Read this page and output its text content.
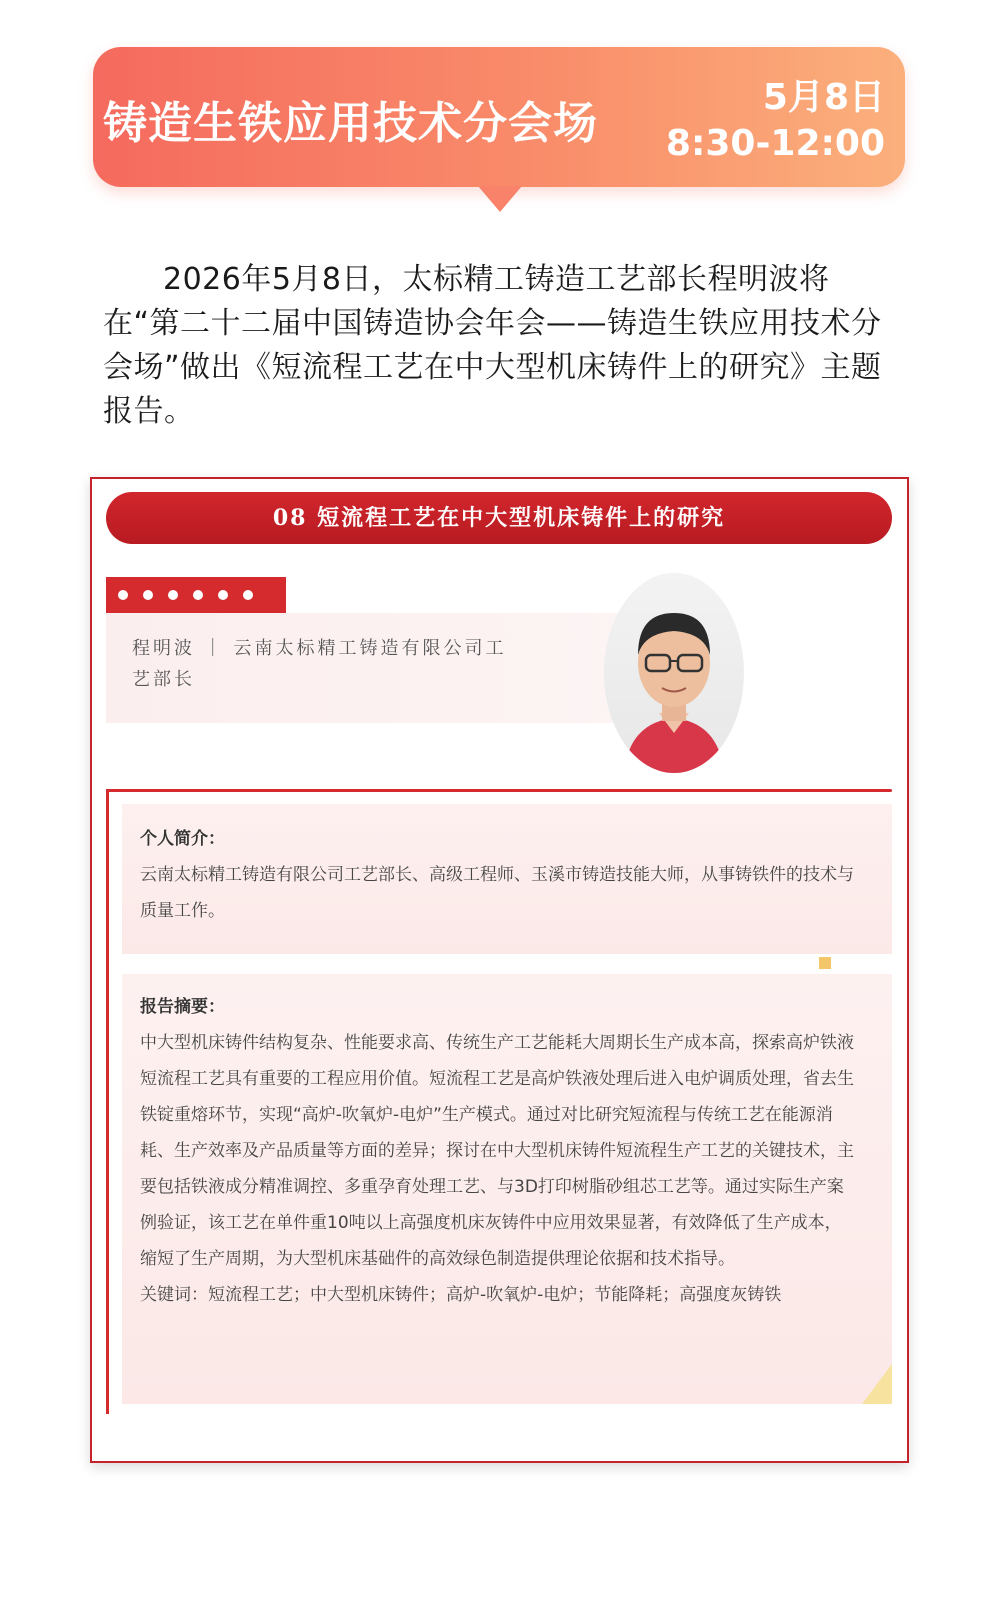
铸造生铁应用技术分会场
5月8日
8:30-12:00

2026年5月8日，太标精工铸造工艺部长程明波将在“第二十二届中国铸造协会年会——铸造生铁应用技术分会场”做出《短流程工艺在中大型机床铸件上的研究》主题报告。

08 短流程工艺在中大型机床铸件上的研究
程明波 ｜ 云南太标精工铸造有限公司工艺部长
个人简介：
云南太标精工铸造有限公司工艺部长、高级工程师、玉溪市铸造技能大师，从事铸铁件的技术与质量工作。
报告摘要：
中大型机床铸件结构复杂、性能要求高、传统生产工艺能耗大周期长生产成本高，探索高炉铁液短流程工艺具有重要的工程应用价值。短流程工艺是高炉铁液处理后进入电炉调质处理，省去生铁锭重熔环节，实现“高炉-吹氧炉-电炉”生产模式。通过对比研究短流程与传统工艺在能源消耗、生产效率及产品质量等方面的差异；探讨在中大型机床铸件短流程生产工艺的关键技术，主要包括铁液成分精准调控、多重孕育处理工艺、与3D打印树脂砂组芯工艺等。通过实际生产案例验证，该工艺在单件重10吨以上高强度机床灰铸件中应用效果显著，有效降低了生产成本，缩短了生产周期，为大型机床基础件的高效绿色制造提供理论依据和技术指导。
关键词：短流程工艺；中大型机床铸件；高炉-吹氧炉-电炉；节能降耗；高强度灰铸铁
